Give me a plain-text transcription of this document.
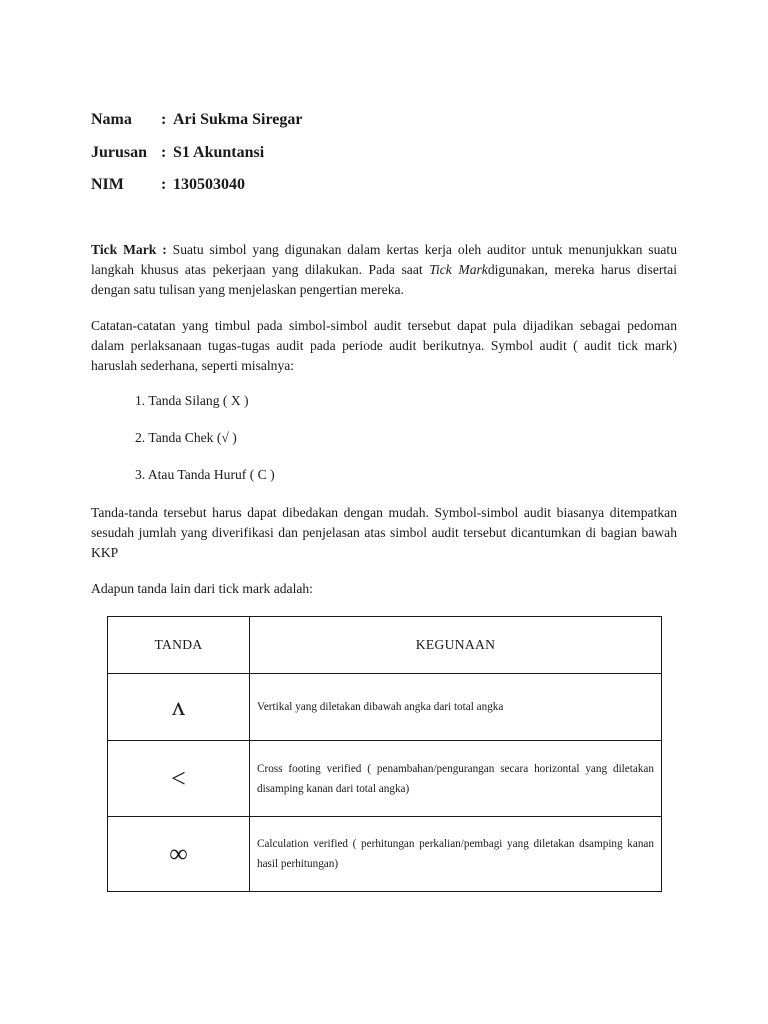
Nama	: Ari Sukma Siregar
Jurusan : S1 Akuntansi
NIM	: 130503040

Tick Mark : Suatu simbol yang digunakan dalam kertas kerja oleh auditor untuk menunjukkan suatu langkah khusus atas pekerjaan yang dilakukan. Pada saat Tick Markdigunakan, mereka harus disertai dengan satu tulisan yang menjelaskan pengertian mereka.

Catatan-catatan yang timbul pada simbol-simbol audit tersebut dapat pula dijadikan sebagai pedoman dalam perlaksanaan tugas-tugas audit pada periode audit berikutnya. Symbol audit ( audit tick mark) haruslah sederhana, seperti misalnya:

1. Tanda Silang ( X )
2. Tanda Chek (√ )
3. Atau Tanda Huruf ( C )

Tanda-tanda tersebut harus dapat dibedakan dengan mudah. Symbol-simbol audit biasanya ditempatkan sesudah jumlah yang diverifikasi dan penjelasan atas simbol audit tersebut dicantumkan di bagian bawah KKP

Adapun tanda lain dari tick mark adalah:

TANDA	KEGUNAAN
ʌ	Vertikal yang diletakan dibawah angka dari total angka
<	Cross footing verified ( penambahan/pengurangan secara horizontal yang diletakan disamping kanan dari total angka)
∞	Calculation verified ( perhitungan perkalian/pembagi yang diletakan dsamping kanan hasil perhitungan)
